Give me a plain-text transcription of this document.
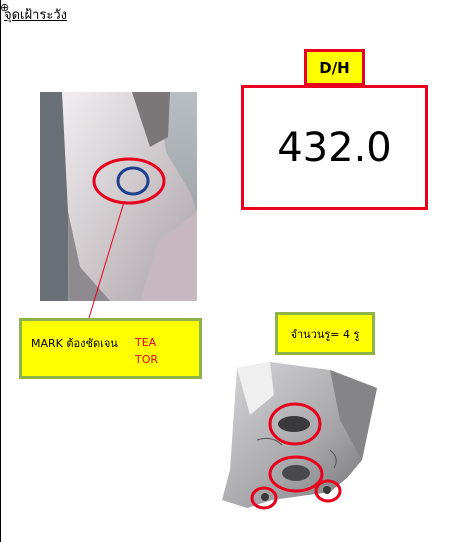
⊕
จุดเฝ้าระวัง
D/H
432.0
MARK ต้องชัดเจน TEA
TOR
จำนวนรู= 4 รู
